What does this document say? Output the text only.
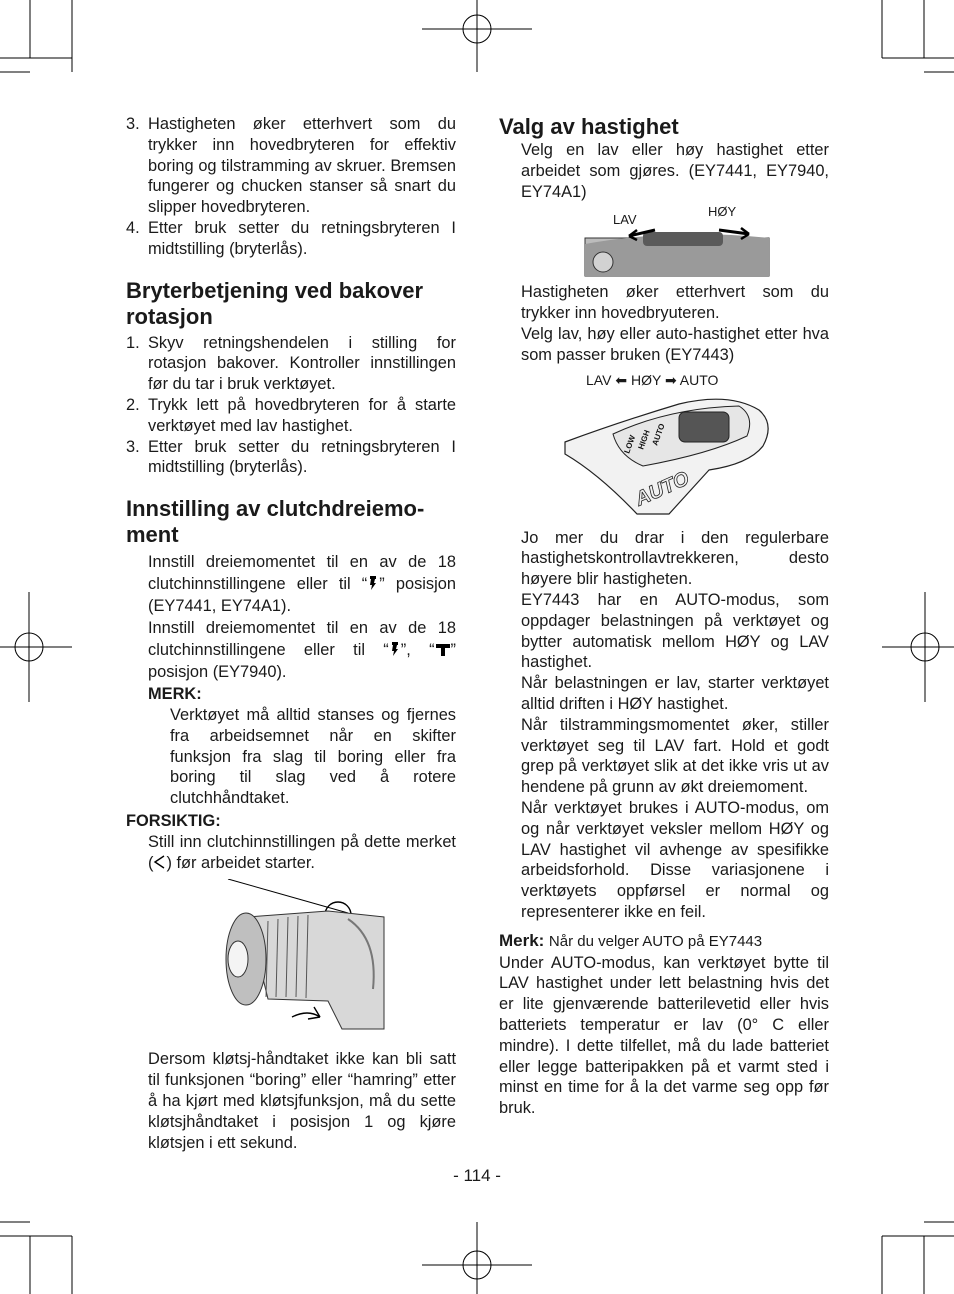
3. Hastigheten øker etterhvert som du trykker inn hovedbryteren for effektiv boring og tilstramming av skruer. Bremsen fungerer og chucken stanser så snart du slipper hovedbryteren.
4. Etter bruk setter du retningsbryteren I midtstilling (bryterlås).
Bryterbetjening ved bakover rotasjon
1. Skyv retningshendelen i stilling for rotasjon bakover. Kontroller innstillingen før du tar i bruk verktøyet.
2. Trykk lett på hovedbryteren for å starte verktøyet med lav hastighet.
3. Etter bruk setter du retningsbryteren I midtstilling (bryterlås).
Innstilling av clutchdreiemo-ment

Innstill dreiemomentet til en av de 18 clutchinnstillingene eller til “ ” posisjon (EY7441, EY74A1).

Innstill dreiemomentet til en av de 18 clutchinnstillingene eller til “ ”, “ ” posisjon (EY7940).

MERK:

Verktøyet må alltid stanses og fjernes fra arbeidsemnet når en skifter funksjon fra slag til boring eller fra boring til slag ved å rotere clutchhåndtaket.

FORSIKTIG:

Still inn clutchinnstillingen på dette merket ( ) før arbeidet starter.

Dersom kløtsj-håndtaket ikke kan bli satt til funksjonen “boring” eller “hamring” etter å ha kjørt med kløtsjfunksjon, må du sette kløtsjhåndtaket i posisjon 1 og kjøre kløtsjen i ett sekund.

Valg av hastighet

Velg en lav eller høy hastighet etter arbeidet som gjøres. (EY7441, EY7940, EY74A1)

LAV
HØY

Hastigheten øker etterhvert som du trykker inn hovedbryuteren.

Velg lav, høy eller auto-hastighet etter hva som passer bruken (EY7443)

LAV ⬅ HØY ➡ AUTO
LOW HIGH
AUTO
AUTO

Jo mer du drar i den regulerbare hastighetskontrollavtrekkeren, desto høyere blir hastigheten.

EY7443 har en AUTO-modus, som oppdager belastningen på verktøyet og bytter automatisk mellom HØY og LAV hastighet.

Når belastningen er lav, starter verktøyet alltid driften i HØY hastighet.

Når tilstrammingsmomentet øker, stiller verktøyet seg til LAV fart. Hold et godt grep på verktøyet slik at det ikke vris ut av hendene på grunn av økt dreiemoment.

Når verktøyet brukes i AUTO-modus, om og når verktøyet veksler mellom HØY og LAV hastighet vil avhenge av spesifikke arbeidsforhold. Disse variasjonene i verktøyets oppførsel er normal og representerer ikke en feil.

Merk: Når du velger AUTO på EY7443

Under AUTO-modus, kan verktøyet bytte til LAV hastighet under lett belastning hvis det er lite gjenværende batterilevetid eller hvis batteriets temperatur er lav (0° C eller mindre). I dette tilfellet, må du lade batteriet eller legge batteripakken på et varmt sted i minst en time for å la det varme seg opp før bruk.

- 114 -
